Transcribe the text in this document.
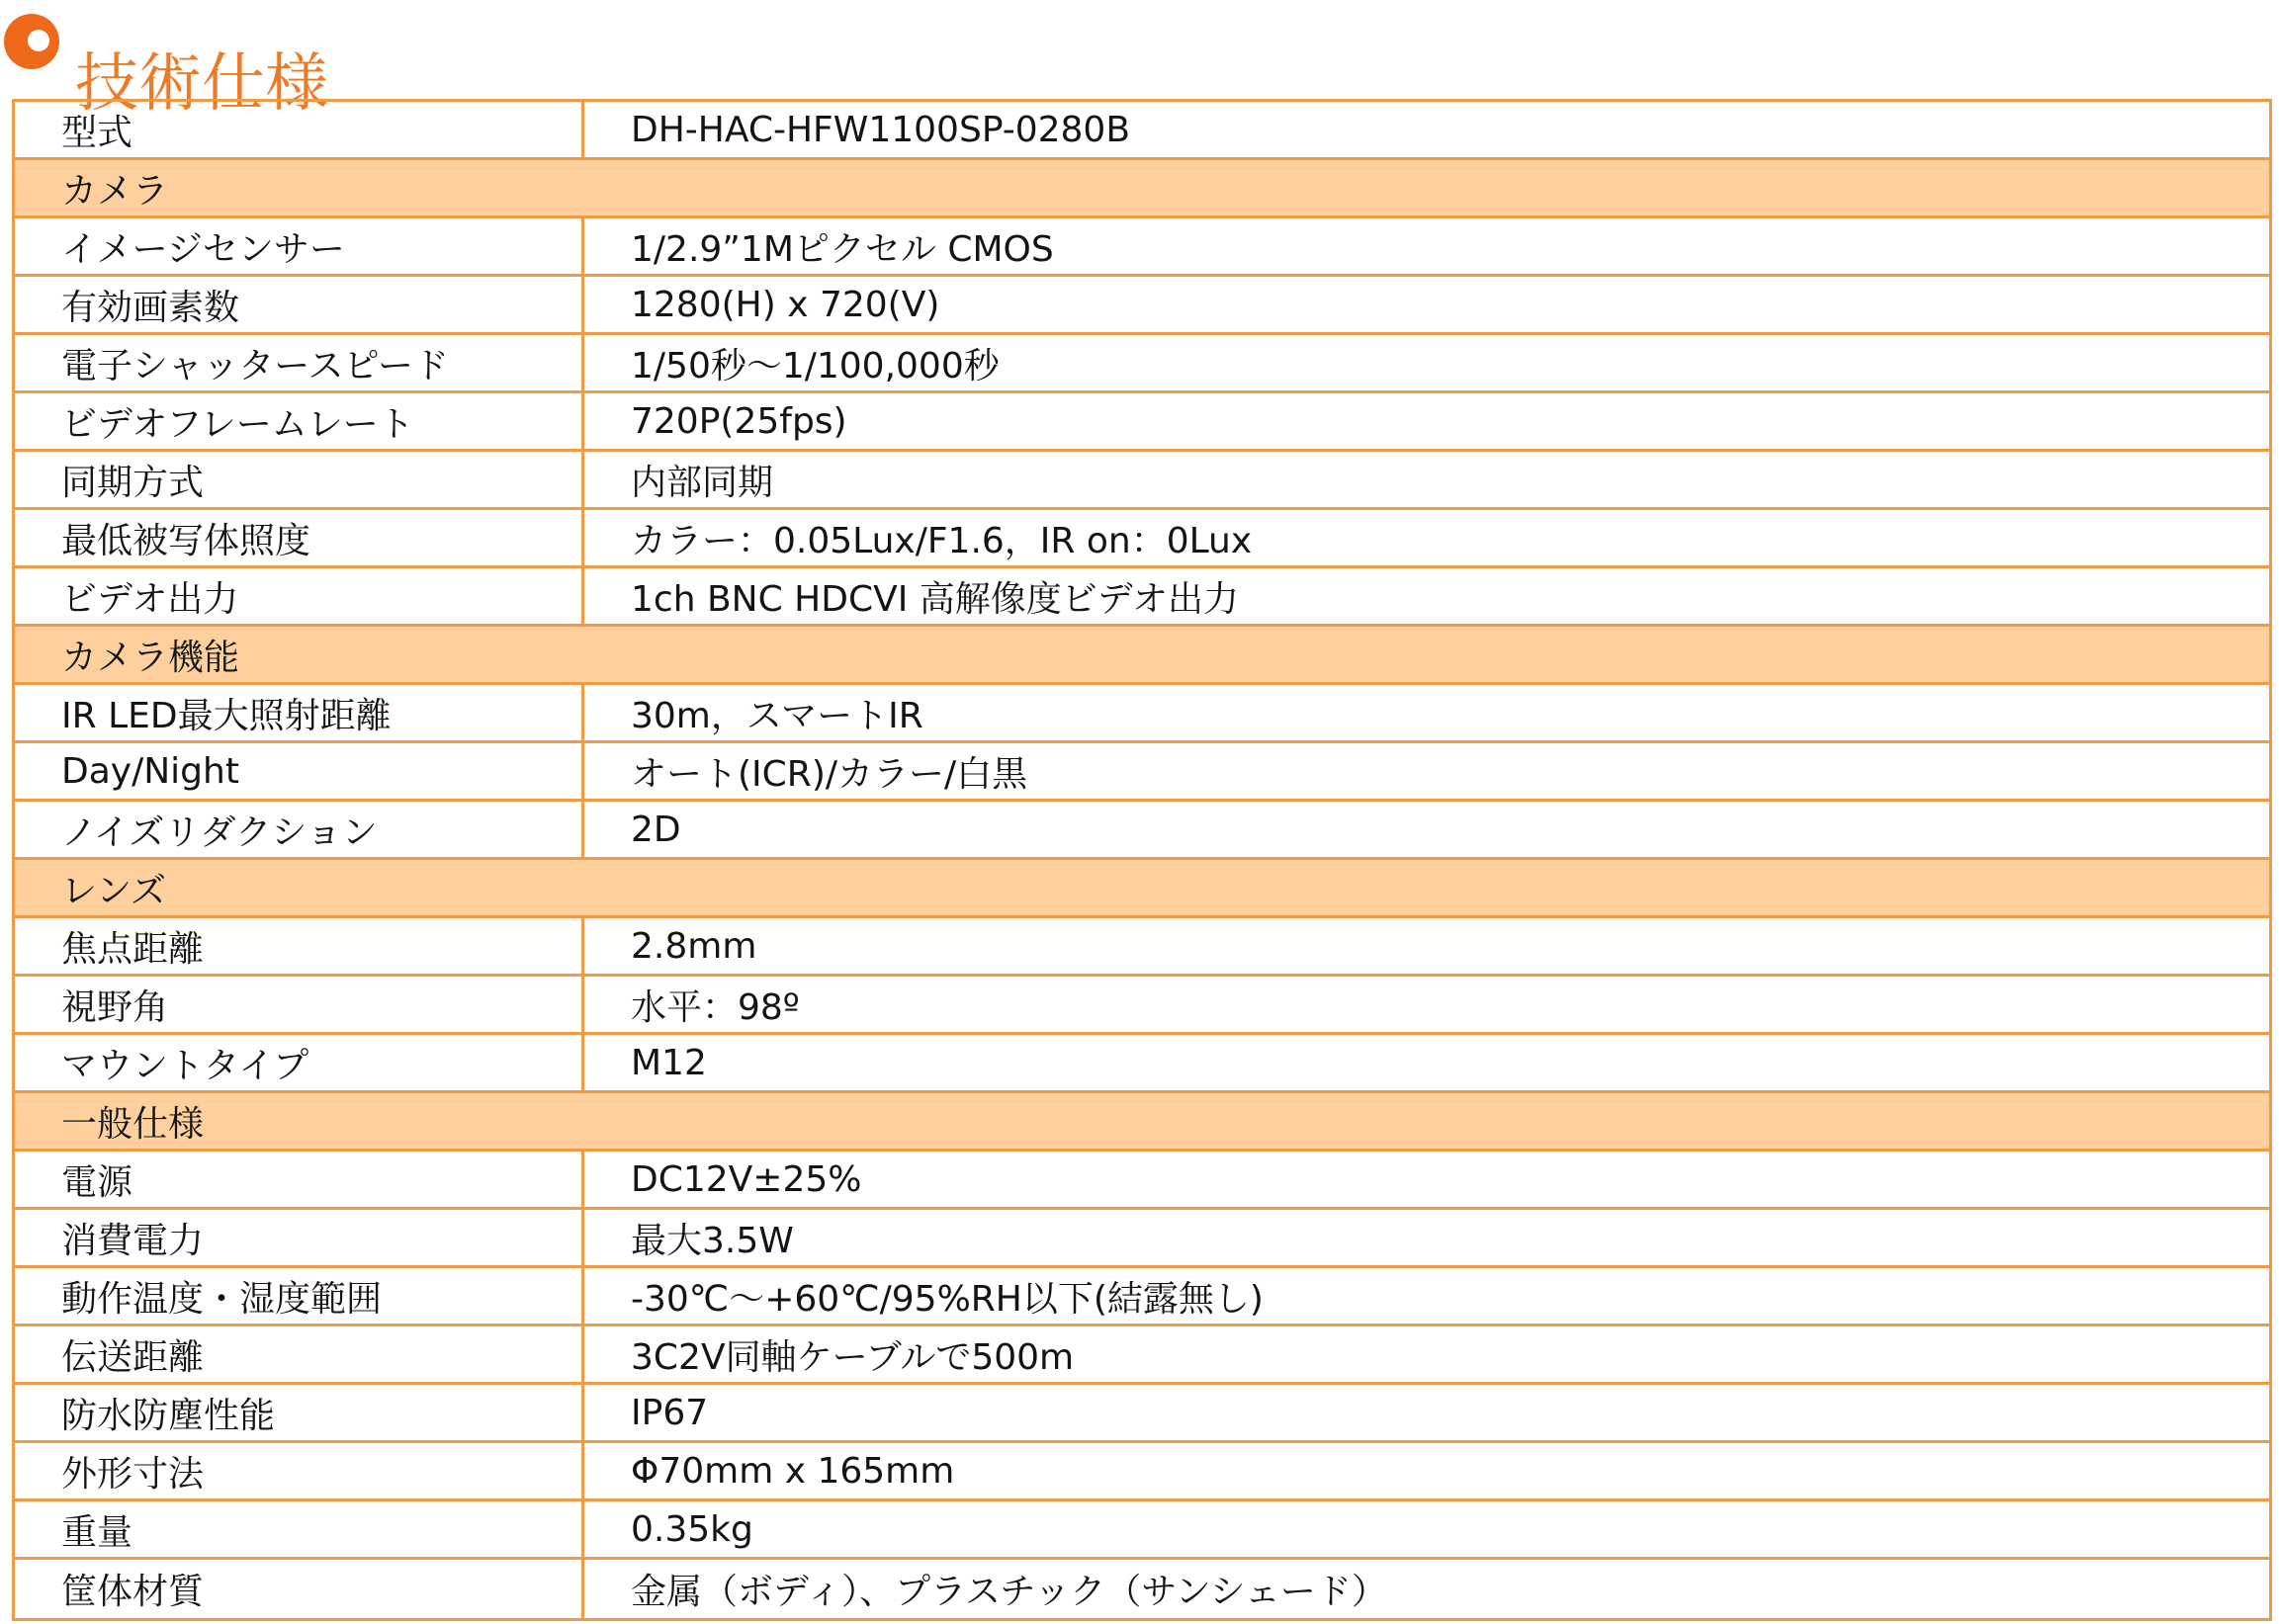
技術仕様
型式	DH-HAC-HFW1100SP-0280B
カメラ
イメージセンサー	1/2.9”1Mピクセル CMOS
有効画素数	1280(H) x 720(V)
電子シャッタースピード	1/50秒〜1/100,000秒
ビデオフレームレート	720P(25fps)
同期方式	内部同期
最低被写体照度	カラー：0.05Lux/F1.6，IR on：0Lux
ビデオ出力	1ch BNC HDCVI 高解像度ビデオ出力
カメラ機能
IR LED最大照射距離	30m，スマートIR
Day/Night	オート(ICR)/カラー/白黒
ノイズリダクション	2D
レンズ
焦点距離	2.8mm
視野角	水平：98º
マウントタイプ	M12
一般仕様
電源	DC12V±25%
消費電力	最大3.5W
動作温度・湿度範囲	-30℃〜+60℃/95%RH以下(結露無し)
伝送距離	3C2V同軸ケーブルで500m
防水防塵性能	IP67
外形寸法	Φ70mm x 165mm
重量	0.35kg
筐体材質	金属（ボディ）、プラスチック（サンシェード）
